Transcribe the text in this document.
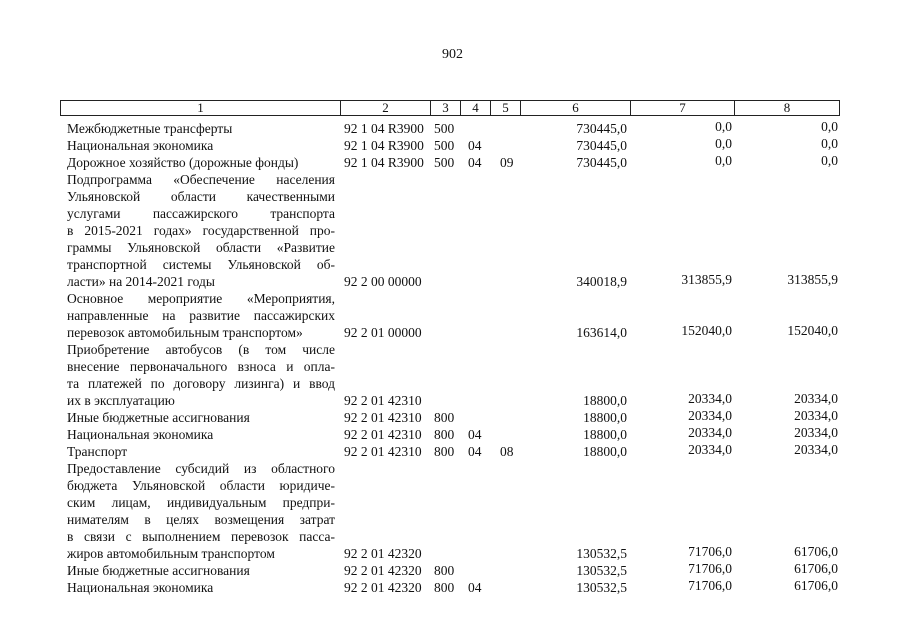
902
1	2	3	4	5	6	7	8
Межбюджетные трансферты	92 1 04 R3900 500	730445,0	0,0	0,0
Национальная экономика	92 1 04 R3900 500 04	730445,0	0,0	0,0
Дорожное хозяйство (дорожные фонды)	92 1 04 R3900 500 04 09	730445,0	0,0	0,0
Подпрограмма «Обеспечение населения
Ульяновской области качественными
услугами пассажирского транспорта
в 2015-2021 годах» государственной про-
граммы Ульяновской области «Развитие
транспортной системы Ульяновской об-
ласти» на 2014-2021 годы	92 2 00 00000	340018,9	313855,9	313855,9
Основное мероприятие «Мероприятия,
направленные на развитие пассажирских
перевозок автомобильным транспортом»	92 2 01 00000	163614,0	152040,0	152040,0
Приобретение автобусов (в том числе
внесение первоначального взноса и опла-
та платежей по договору лизинга) и ввод
их в эксплуатацию	92 2 01 42310	18800,0	20334,0	20334,0
Иные бюджетные ассигнования	92 2 01 42310 800	18800,0	20334,0	20334,0
Национальная экономика	92 2 01 42310 800 04	18800,0	20334,0	20334,0
Транспорт	92 2 01 42310 800 04 08	18800,0	20334,0	20334,0
Предоставление субсидий из областного
бюджета Ульяновской области юридиче-
ским лицам, индивидуальным предпри-
нимателям в целях возмещения затрат
в связи с выполнением перевозок пасса-
жиров автомобильным транспортом	92 2 01 42320	130532,5	71706,0	61706,0
Иные бюджетные ассигнования	92 2 01 42320 800	130532,5	71706,0	61706,0
Национальная экономика	92 2 01 42320 800 04	130532,5	71706,0	61706,0
